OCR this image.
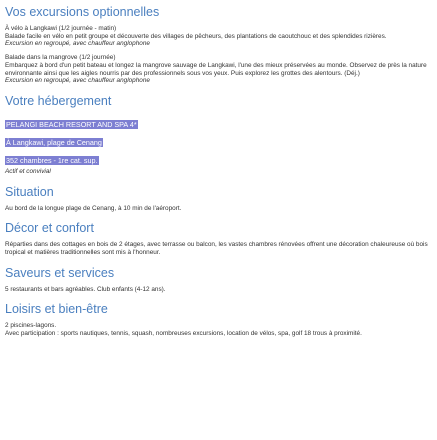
Vos excursions optionnelles

À vélo à Langkawi (1/2 journée - matin)

Balade facile en vélo en petit groupe et découverte des villages de pêcheurs, des plantations de caoutchouc et des splendides rizières.

Excursion en regroupé, avec chauffeur anglophone

Balade dans la mangrove (1/2 journée)

Embarquez à bord d'un petit bateau et longez la mangrove sauvage de Langkawi, l'une des mieux préservées au monde. Observez de près la nature environnante ainsi que les aigles nourris par des professionnels sous vos yeux. Puis explorez les grottes des alentours. (Déj.)

Excursion en regroupé, avec chauffeur anglophone

Votre hébergement

PELANGI BEACH RESORT AND SPA 4*

À Langkawi, plage de Cenang

352 chambres - 1re cat. sup.

Actif et convivial

Situation

Au bord de la longue plage de Cenang, à 10 min de l'aéroport.

Décor et confort

Réparties dans des cottages en bois de 2 étages, avec terrasse ou balcon, les vastes chambres rénovées offrent une décoration chaleureuse où bois tropical et matières traditionnelles sont mis à l'honneur.

Saveurs et services

5 restaurants et bars agréables. Club enfants (4-12 ans).

Loisirs et bien-être

2 piscines-lagons.

Avec participation : sports nautiques, tennis, squash, nombreuses excursions, location de vélos, spa, golf 18 trous à proximité.
